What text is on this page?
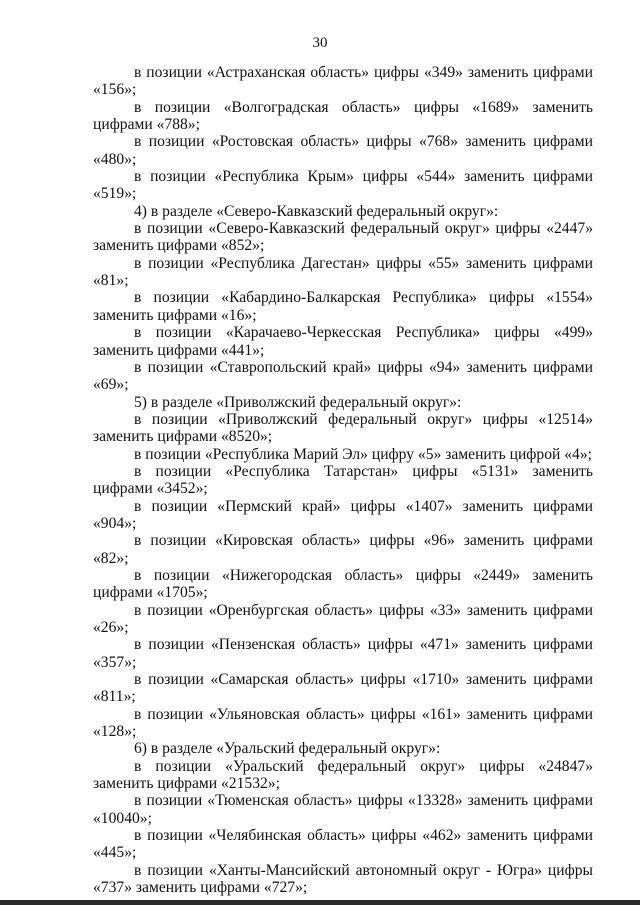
30

в позиции «Астраханская область» цифры «349» заменить цифрами «156»;

в позиции «Волгоградская область» цифры «1689» заменить цифрами «788»;

в позиции «Ростовская область» цифры «768» заменить цифрами «480»;

в позиции «Республика Крым» цифры «544» заменить цифрами «519»;

4) в разделе «Северо-Кавказский федеральный округ»:

в позиции «Северо-Кавказский федеральный округ» цифры «2447» заменить цифрами «852»;

в позиции «Республика Дагестан» цифры «55» заменить цифрами «81»;

в позиции «Кабардино-Балкарская Республика» цифры «1554» заменить цифрами «16»;

в позиции «Карачаево-Черкесская Республика» цифры «499» заменить цифрами «441»;

в позиции «Ставропольский край» цифры «94» заменить цифрами «69»;

5) в разделе «Приволжский федеральный округ»:

в позиции «Приволжский федеральный округ» цифры «12514» заменить цифрами «8520»;

в позиции «Республика Марий Эл» цифру «5» заменить цифрой «4»;

в позиции «Республика Татарстан» цифры «5131» заменить цифрами «3452»;

в позиции «Пермский край» цифры «1407» заменить цифрами «904»;

в позиции «Кировская область» цифры «96» заменить цифрами «82»;

в позиции «Нижегородская область» цифры «2449» заменить цифрами «1705»;

в позиции «Оренбургская область» цифры «33» заменить цифрами «26»;

в позиции «Пензенская область» цифры «471» заменить цифрами «357»;

в позиции «Самарская область» цифры «1710» заменить цифрами «811»;

в позиции «Ульяновская область» цифры «161» заменить цифрами «128»;

6) в разделе «Уральский федеральный округ»:

в позиции «Уральский федеральный округ» цифры «24847» заменить цифрами «21532»;

в позиции «Тюменская область» цифры «13328» заменить цифрами «10040»;

в позиции «Челябинская область» цифры «462» заменить цифрами «445»;

в позиции «Ханты-Мансийский автономный округ - Югра» цифры «737» заменить цифрами «727»;
